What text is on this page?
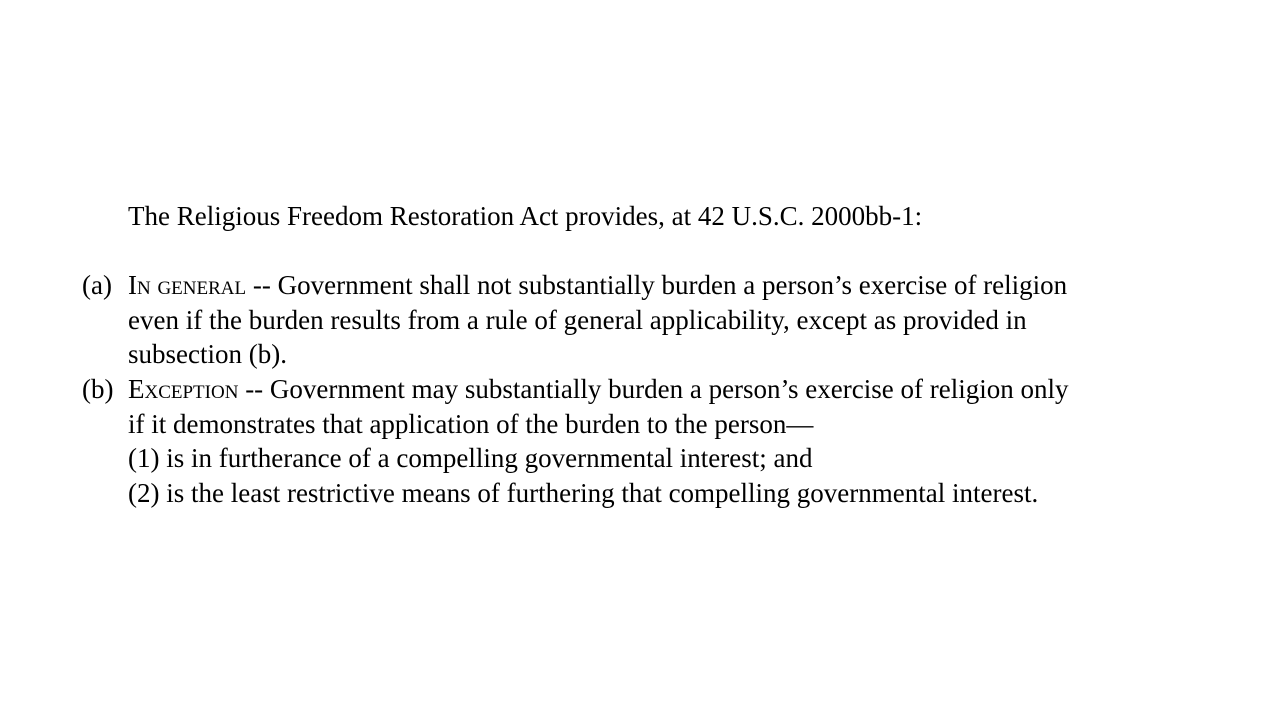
The Religious Freedom Restoration Act provides, at 42 U.S.C. 2000bb-1:

(a) In general -- Government shall not substantially burden a person’s exercise of religion
even if the burden results from a rule of general applicability, except as provided in
subsection (b).
(b) Exception -- Government may substantially burden a person’s exercise of religion only
if it demonstrates that application of the burden to the person—
(1) is in furtherance of a compelling governmental interest; and
(2) is the least restrictive means of furthering that compelling governmental interest.
